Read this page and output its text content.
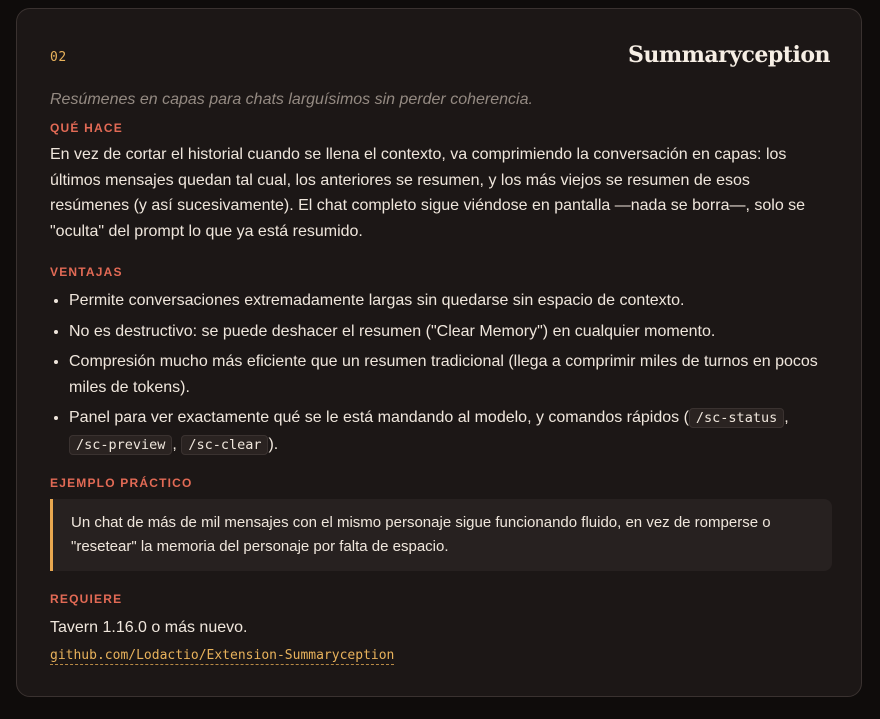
02	Summaryception
Resúmenes en capas para chats larguísimos sin perder coherencia.
QUÉ HACE
En vez de cortar el historial cuando se llena el contexto, va comprimiendo la conversación en capas: los últimos mensajes quedan tal cual, los anteriores se resumen, y los más viejos se resumen de esos resúmenes (y así sucesivamente). El chat completo sigue viéndose en pantalla —nada se borra—, solo se "oculta" del prompt lo que ya está resumido.
VENTAJAS
• Permite conversaciones extremadamente largas sin quedarse sin espacio de contexto.
• No es destructivo: se puede deshacer el resumen ("Clear Memory") en cualquier momento.
• Compresión mucho más eficiente que un resumen tradicional (llega a comprimir miles de turnos en pocos miles de tokens).
• Panel para ver exactamente qué se le está mandando al modelo, y comandos rápidos ( /sc-status ,
/sc-preview , /sc-clear ).
EJEMPLO PRÁCTICO
Un chat de más de mil mensajes con el mismo personaje sigue funcionando fluido, en vez de romperse o "resetear" la memoria del personaje por falta de espacio.
REQUIERE
Tavern 1.16.0 o más nuevo.
github.com/Lodactio/Extension-Summaryception
